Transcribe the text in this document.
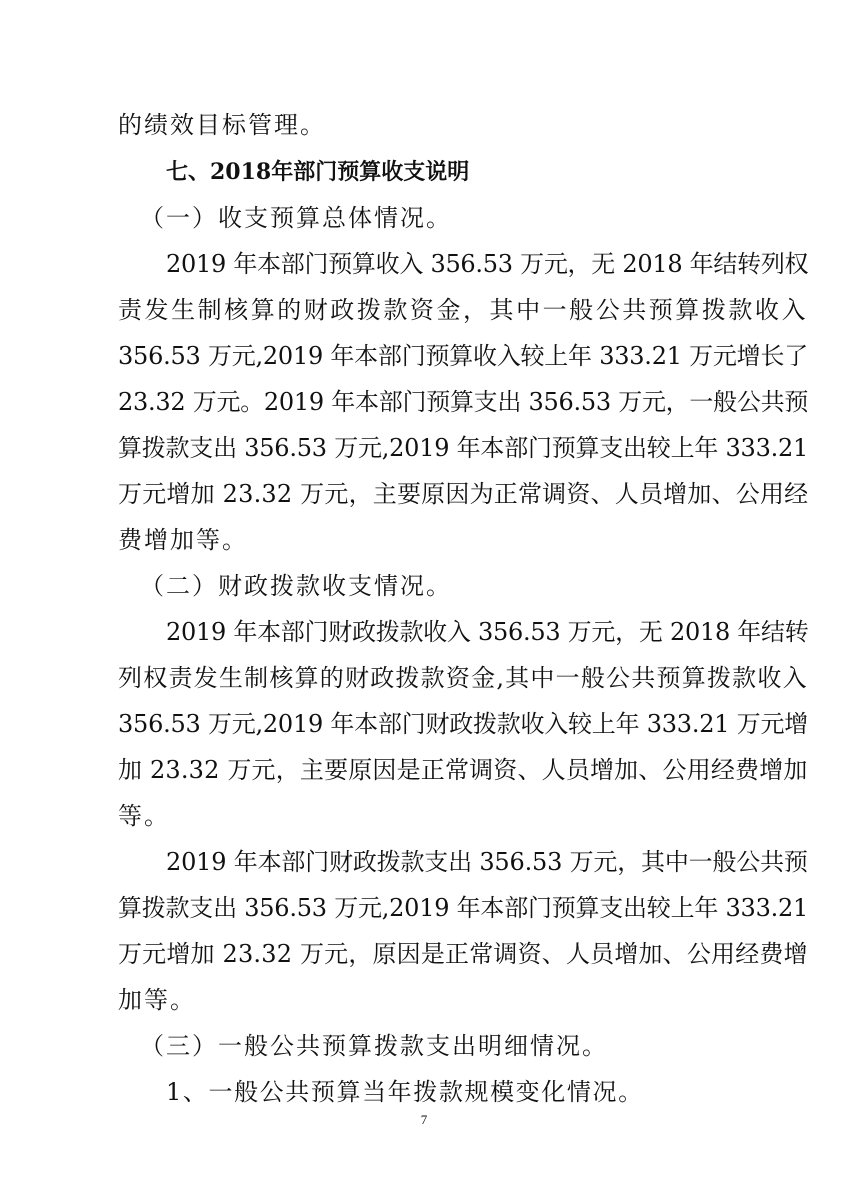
的绩效目标管理。
七、2018年部门预算收支说明
（一）收支预算总体情况。
2019 年本部门预算收入 356.53 万元，无 2018 年结转列权
责发生制核算的财政拨款资金，其中一般公共预算拨款收入
356.53 万元,2019 年本部门预算收入较上年 333.21 万元增长了
23.32 万元。2019 年本部门预算支出 356.53 万元，一般公共预
算拨款支出 356.53 万元,2019 年本部门预算支出较上年 333.21
万元增加 23.32 万元，主要原因为正常调资、人员增加、公用经
费增加等。
（二）财政拨款收支情况。
2019 年本部门财政拨款收入 356.53 万元，无 2018 年结转
列权责发生制核算的财政拨款资金,其中一般公共预算拨款收入
356.53 万元,2019 年本部门财政拨款收入较上年 333.21 万元增
加 23.32 万元，主要原因是正常调资、人员增加、公用经费增加
等。
2019 年本部门财政拨款支出 356.53 万元，其中一般公共预
算拨款支出 356.53 万元,2019 年本部门预算支出较上年 333.21
万元增加 23.32 万元，原因是正常调资、人员增加、公用经费增
加等。
（三）一般公共预算拨款支出明细情况。
1、一般公共预算当年拨款规模变化情况。
7
